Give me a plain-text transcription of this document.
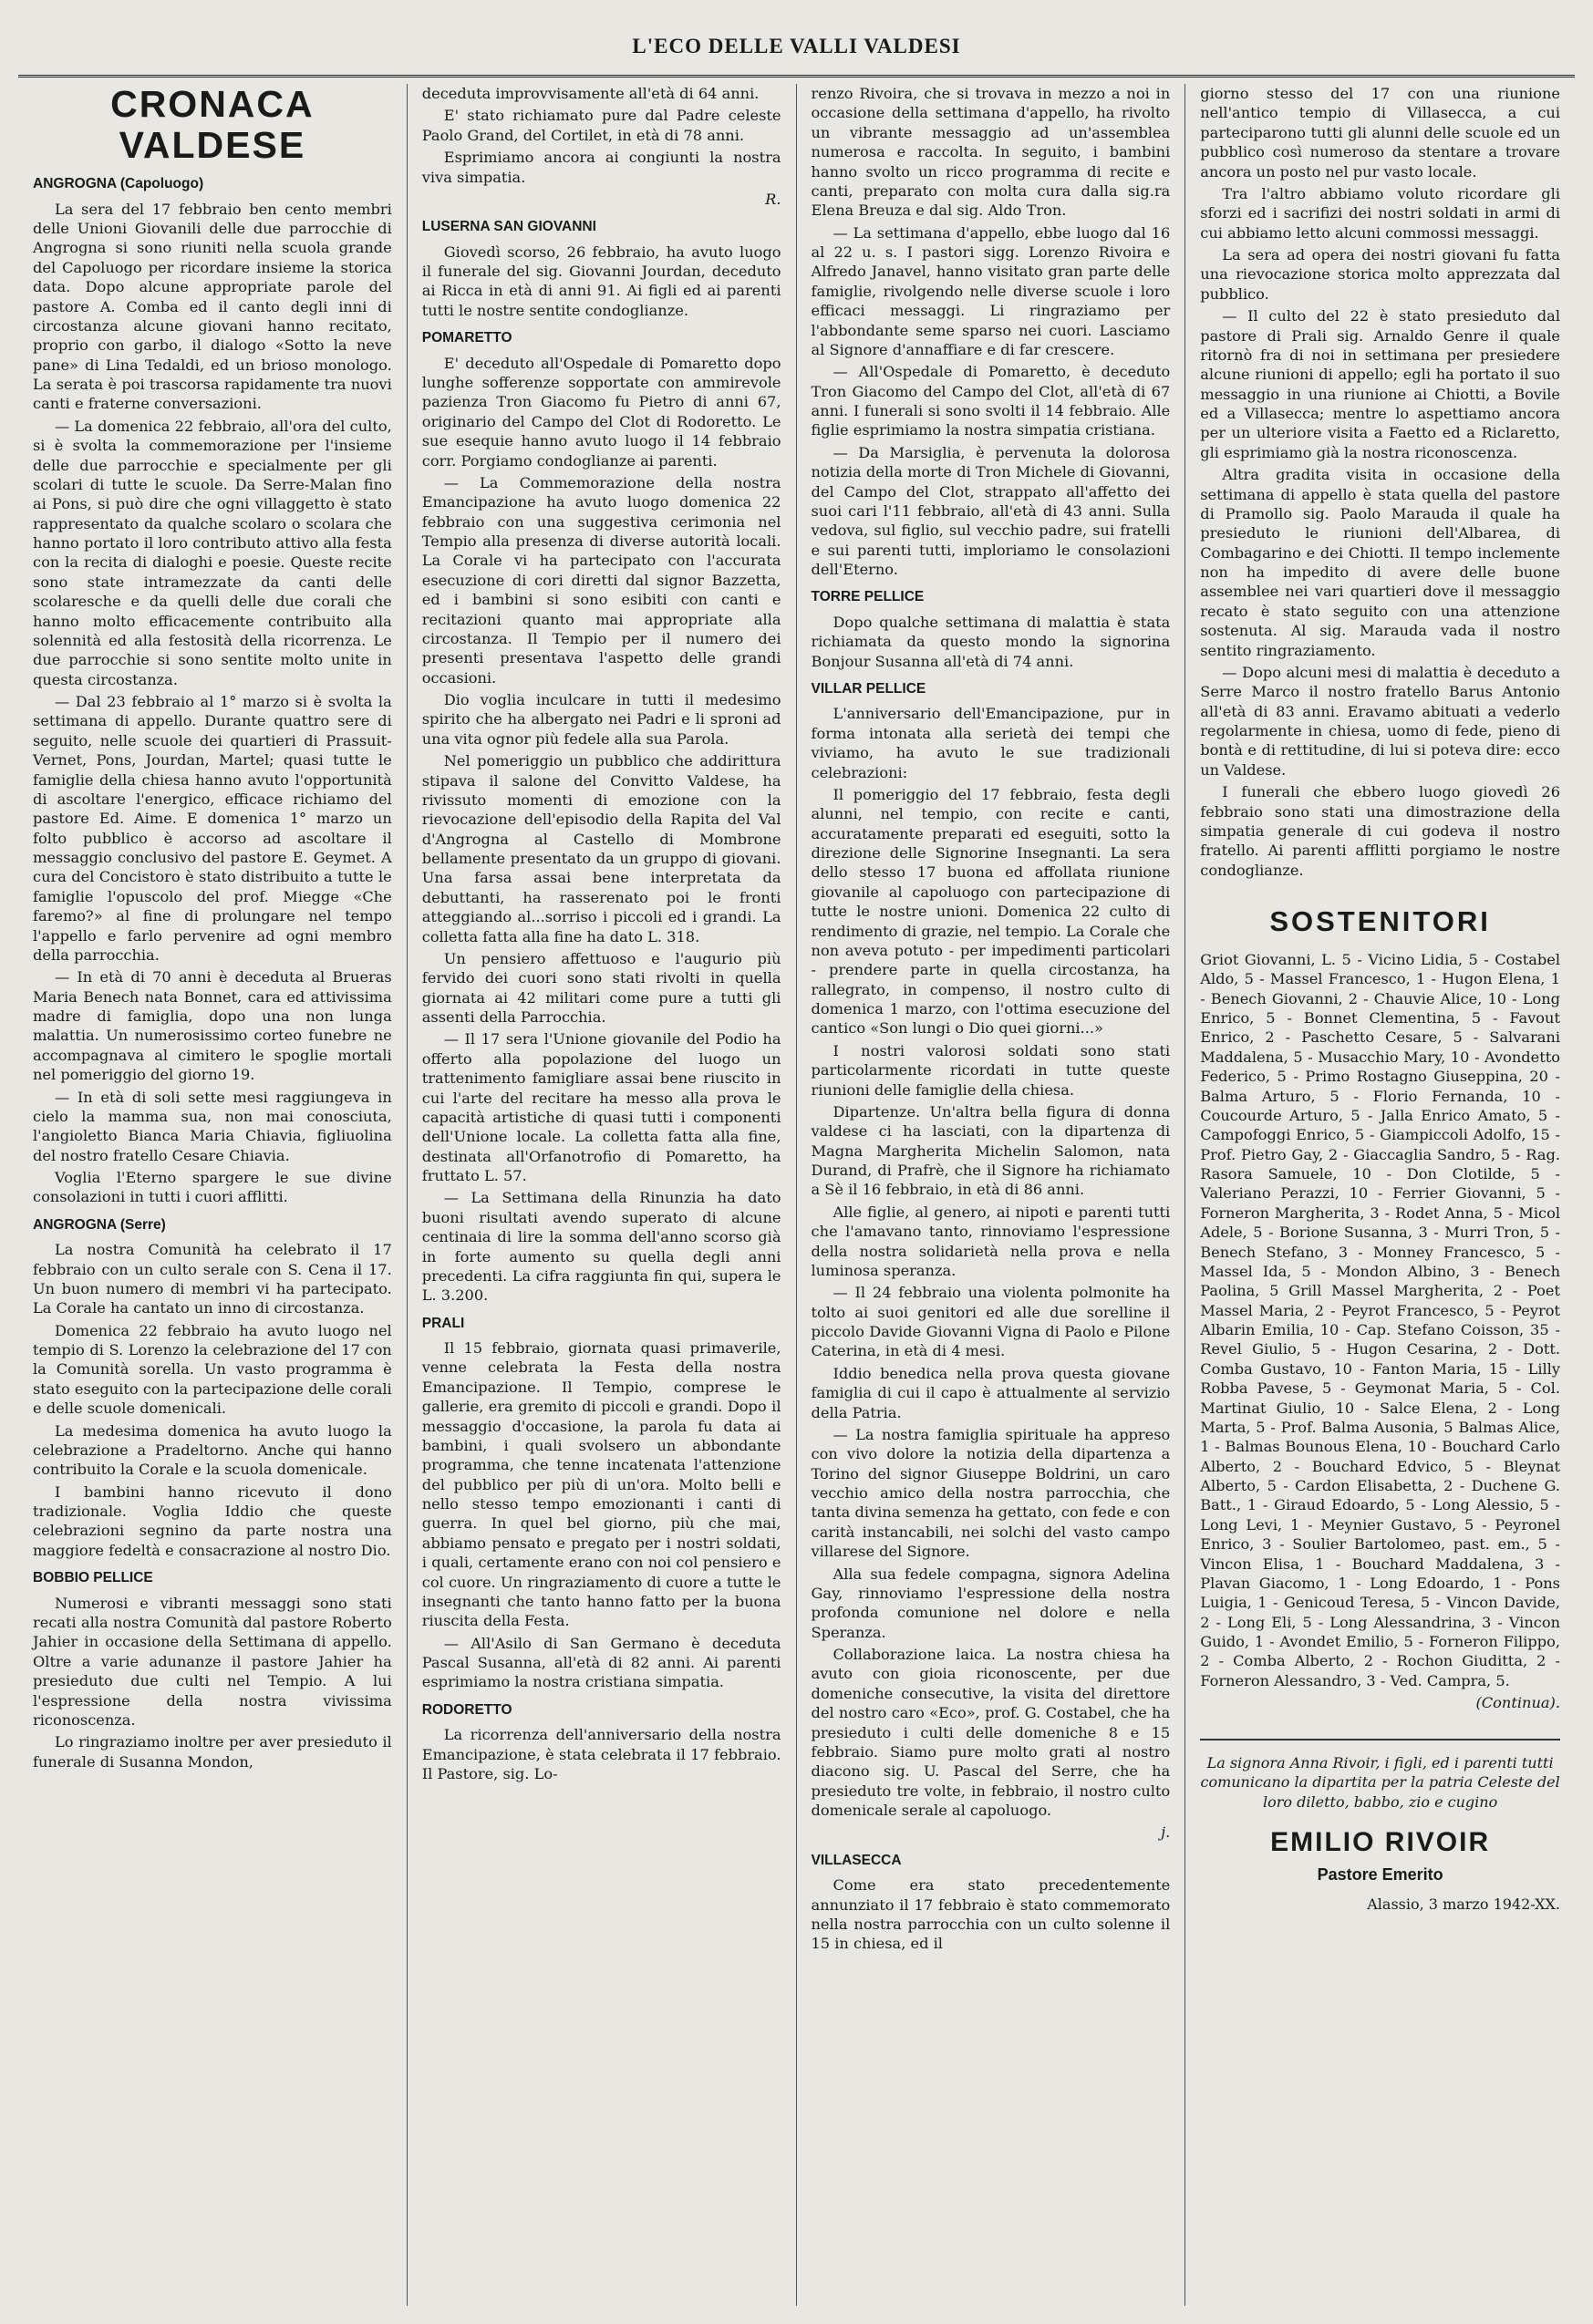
L'ECO DELLE VALLI VALDESI
CRONACA VALDESE
ANGROGNA (Capoluogo)

La sera del 17 febbraio ben cento membri delle Unioni Giovanili delle due parrocchie di Angrogna si sono riuniti nella scuola grande del Capoluogo per ricordare insieme la storica data. Dopo alcune appropriate parole del pastore A. Comba ed il canto degli inni di circostanza alcune giovani hanno recitato, proprio con garbo, il dialogo «Sotto la neve pane» di Lina Tedaldi, ed un brioso monologo. La serata è poi trascorsa rapidamente tra nuovi canti e fraterne conversazioni.

— La domenica 22 febbraio, all'ora del culto, si è svolta la commemorazione per l'insieme delle due parrocchie e specialmente per gli scolari di tutte le scuole. Da Serre-Malan fino ai Pons, si può dire che ogni villaggetto è stato rappresentato da qualche scolaro o scolara che hanno portato il loro contributo attivo alla festa con la recita di dialoghi e poesie. Queste recite sono state intramezzate da canti delle scolaresche e da quelli delle due corali che hanno molto efficacemente contribuito alla solennità ed alla festosità della ricorrenza. Le due parrocchie si sono sentite molto unite in questa circostanza.

— Dal 23 febbraio al 1° marzo si è svolta la settimana di appello. Durante quattro sere di seguito, nelle scuole dei quartieri di Prassuit-Vernet, Pons, Jourdan, Martel; quasi tutte le famiglie della chiesa hanno avuto l'opportunità di ascoltare l'energico, efficace richiamo del pastore Ed. Aime. E domenica 1° marzo un folto pubblico è accorso ad ascoltare il messaggio conclusivo del pastore E. Geymet. A cura del Concistoro è stato distribuito a tutte le famiglie l'opuscolo del prof. Miegge «Che faremo?» al fine di prolungare nel tempo l'appello e farlo pervenire ad ogni membro della parrocchia.

— In età di 70 anni è deceduta al Brueras Maria Benech nata Bonnet, cara ed attivissima madre di famiglia, dopo una non lunga malattia. Un numerosissimo corteo funebre ne accompagnava al cimitero le spoglie mortali nel pomeriggio del giorno 19.

— In età di soli sette mesi raggiungeva in cielo la mamma sua, non mai conosciuta, l'angioletto Bianca Maria Chiavia, figliuolina del nostro fratello Cesare Chiavia.

Voglia l'Eterno spargere le sue divine consolazioni in tutti i cuori afflitti.

ANGROGNA (Serre)

La nostra Comunità ha celebrato il 17 febbraio con un culto serale con S. Cena il 17. Un buon numero di membri vi ha partecipato. La Corale ha cantato un inno di circostanza.

Domenica 22 febbraio ha avuto luogo nel tempio di S. Lorenzo la celebrazione del 17 con la Comunità sorella. Un vasto programma è stato eseguito con la partecipazione delle corali e delle scuole domenicali.

La medesima domenica ha avuto luogo la celebrazione a Pradeltorno. Anche qui hanno contribuito la Corale e la scuola domenicale.

I bambini hanno ricevuto il dono tradizionale. Voglia Iddio che queste celebrazioni segnino da parte nostra una maggiore fedeltà e consacrazione al nostro Dio.

BOBBIO PELLICE

Numerosi e vibranti messaggi sono stati recati alla nostra Comunità dal pastore Roberto Jahier in occasione della Settimana di appello. Oltre a varie adunanze il pastore Jahier ha presieduto due culti nel Tempio. A lui l'espressione della nostra vivissima riconoscenza.

Lo ringraziamo inoltre per aver presieduto il funerale di Susanna Mondon,

deceduta improvvisamente all'età di 64 anni.

E' stato richiamato pure dal Padre celeste Paolo Grand, del Cortilet, in età di 78 anni.

Esprimiamo ancora ai congiunti la nostra viva simpatia.

R.

LUSERNA SAN GIOVANNI

Giovedì scorso, 26 febbraio, ha avuto luogo il funerale del sig. Giovanni Jourdan, deceduto ai Ricca in età di anni 91. Ai figli ed ai parenti tutti le nostre sentite condoglianze.

POMARETTO

E' deceduto all'Ospedale di Pomaretto dopo lunghe sofferenze sopportate con ammirevole pazienza Tron Giacomo fu Pietro di anni 67, originario del Campo del Clot di Rodoretto. Le sue esequie hanno avuto luogo il 14 febbraio corr. Porgiamo condoglianze ai parenti.

— La Commemorazione della nostra Emancipazione ha avuto luogo domenica 22 febbraio con una suggestiva cerimonia nel Tempio alla presenza di diverse autorità locali. La Corale vi ha partecipato con l'accurata esecuzione di cori diretti dal signor Bazzetta, ed i bambini si sono esibiti con canti e recitazioni quanto mai appropriate alla circostanza. Il Tempio per il numero dei presenti presentava l'aspetto delle grandi occasioni.

Dio voglia inculcare in tutti il medesimo spirito che ha albergato nei Padri e li sproni ad una vita ognor più fedele alla sua Parola.

Nel pomeriggio un pubblico che addirittura stipava il salone del Convitto Valdese, ha rivissuto momenti di emozione con la rievocazione dell'episodio della Rapita del Val d'Angrogna al Castello di Mombrone bellamente presentato da un gruppo di giovani. Una farsa assai bene interpretata da debuttanti, ha rasserenato poi le fronti atteggiando al...sorriso i piccoli ed i grandi. La colletta fatta alla fine ha dato L. 318.

Un pensiero affettuoso e l'augurio più fervido dei cuori sono stati rivolti in quella giornata ai 42 militari come pure a tutti gli assenti della Parrocchia.

— Il 17 sera l'Unione giovanile del Podio ha offerto alla popolazione del luogo un trattenimento famigliare assai bene riuscito in cui l'arte del recitare ha messo alla prova le capacità artistiche di quasi tutti i componenti dell'Unione locale. La colletta fatta alla fine, destinata all'Orfanotrofio di Pomaretto, ha fruttato L. 57.

— La Settimana della Rinunzia ha dato buoni risultati avendo superato di alcune centinaia di lire la somma dell'anno scorso già in forte aumento su quella degli anni precedenti. La cifra raggiunta fin qui, supera le L. 3.200.

PRALI

Il 15 febbraio, giornata quasi primaverile, venne celebrata la Festa della nostra Emancipazione. Il Tempio, comprese le gallerie, era gremito di piccoli e grandi. Dopo il messaggio d'occasione, la parola fu data ai bambini, i quali svolsero un abbondante programma, che tenne incatenata l'attenzione del pubblico per più di un'ora. Molto belli e nello stesso tempo emozionanti i canti di guerra. In quel bel giorno, più che mai, abbiamo pensato e pregato per i nostri soldati, i quali, certamente erano con noi col pensiero e col cuore. Un ringraziamento di cuore a tutte le insegnanti che tanto hanno fatto per la buona riuscita della Festa.

— All'Asilo di San Germano è deceduta Pascal Susanna, all'età di 82 anni. Ai parenti esprimiamo la nostra cristiana simpatia.

RODORETTO

La ricorrenza dell'anniversario della nostra Emancipazione, è stata celebrata il 17 febbraio. Il Pastore, sig. Lo-

renzo Rivoira, che si trovava in mezzo a noi in occasione della settimana d'appello, ha rivolto un vibrante messaggio ad un'assemblea numerosa e raccolta. In seguito, i bambini hanno svolto un ricco programma di recite e canti, preparato con molta cura dalla sig.ra Elena Breuza e dal sig. Aldo Tron.

— La settimana d'appello, ebbe luogo dal 16 al 22 u. s. I pastori sigg. Lorenzo Rivoira e Alfredo Janavel, hanno visitato gran parte delle famiglie, rivolgendo nelle diverse scuole i loro efficaci messaggi. Li ringraziamo per l'abbondante seme sparso nei cuori. Lasciamo al Signore d'annaffiare e di far crescere.

— All'Ospedale di Pomaretto, è deceduto Tron Giacomo del Campo del Clot, all'età di 67 anni. I funerali si sono svolti il 14 febbraio. Alle figlie esprimiamo la nostra simpatia cristiana.

— Da Marsiglia, è pervenuta la dolorosa notizia della morte di Tron Michele di Giovanni, del Campo del Clot, strappato all'affetto dei suoi cari l'11 febbraio, all'età di 43 anni. Sulla vedova, sul figlio, sul vecchio padre, sui fratelli e sui parenti tutti, imploriamo le consolazioni dell'Eterno.

TORRE PELLICE

Dopo qualche settimana di malattia è stata richiamata da questo mondo la signorina Bonjour Susanna all'età di 74 anni.

VILLAR PELLICE

L'anniversario dell'Emancipazione, pur in forma intonata alla serietà dei tempi che viviamo, ha avuto le sue tradizionali celebrazioni:

Il pomeriggio del 17 febbraio, festa degli alunni, nel tempio, con recite e canti, accuratamente preparati ed eseguiti, sotto la direzione delle Signorine Insegnanti. La sera dello stesso 17 buona ed affollata riunione giovanile al capoluogo con partecipazione di tutte le nostre unioni. Domenica 22 culto di rendimento di grazie, nel tempio. La Corale che non aveva potuto - per impedimenti particolari - prendere parte in quella circostanza, ha rallegrato, in compenso, il nostro culto di domenica 1 marzo, con l'ottima esecuzione del cantico «Son lungi o Dio quei giorni...»

I nostri valorosi soldati sono stati particolarmente ricordati in tutte queste riunioni delle famiglie della chiesa.

Dipartenze. Un'altra bella figura di donna valdese ci ha lasciati, con la dipartenza di Magna Margherita Michelin Salomon, nata Durand, di Prafrè, che il Signore ha richiamato a Sè il 16 febbraio, in età di 86 anni.

Alle figlie, al genero, ai nipoti e parenti tutti che l'amavano tanto, rinnoviamo l'espressione della nostra solidarietà nella prova e nella luminosa speranza.

— Il 24 febbraio una violenta polmonite ha tolto ai suoi genitori ed alle due sorelline il piccolo Davide Giovanni Vigna di Paolo e Pilone Caterina, in età di 4 mesi.

Iddio benedica nella prova questa giovane famiglia di cui il capo è attualmente al servizio della Patria.

— La nostra famiglia spirituale ha appreso con vivo dolore la notizia della dipartenza a Torino del signor Giuseppe Boldrini, un caro vecchio amico della nostra parrocchia, che tanta divina semenza ha gettato, con fede e con carità instancabili, nei solchi del vasto campo villarese del Signore.

Alla sua fedele compagna, signora Adelina Gay, rinnoviamo l'espressione della nostra profonda comunione nel dolore e nella Speranza.

Collaborazione laica. La nostra chiesa ha avuto con gioia riconoscente, per due domeniche consecutive, la visita del direttore del nostro caro «Eco», prof. G. Costabel, che ha presieduto i culti delle domeniche 8 e 15 febbraio. Siamo pure molto grati al nostro diacono sig. U. Pascal del Serre, che ha presieduto tre volte, in febbraio, il nostro culto domenicale serale al capoluogo.

j.

VILLASECCA

Come era stato precedentemente annunziato il 17 febbraio è stato commemorato nella nostra parrocchia con un culto solenne il 15 in chiesa, ed il

giorno stesso del 17 con una riunione nell'antico tempio di Villasecca, a cui parteciparono tutti gli alunni delle scuole ed un pubblico così numeroso da stentare a trovare ancora un posto nel pur vasto locale.

Tra l'altro abbiamo voluto ricordare gli sforzi ed i sacrifizi dei nostri soldati in armi di cui abbiamo letto alcuni commossi messaggi.

La sera ad opera dei nostri giovani fu fatta una rievocazione storica molto apprezzata dal pubblico.

— Il culto del 22 è stato presieduto dal pastore di Prali sig. Arnaldo Genre il quale ritornò fra di noi in settimana per presiedere alcune riunioni di appello; egli ha portato il suo messaggio in una riunione ai Chiotti, a Bovile ed a Villasecca; mentre lo aspettiamo ancora per un ulteriore visita a Faetto ed a Riclaretto, gli esprimiamo già la nostra riconoscenza.

Altra gradita visita in occasione della settimana di appello è stata quella del pastore di Pramollo sig. Paolo Marauda il quale ha presieduto le riunioni dell'Albarea, di Combagarino e dei Chiotti. Il tempo inclemente non ha impedito di avere delle buone assemblee nei vari quartieri dove il messaggio recato è stato seguito con una attenzione sostenuta. Al sig. Marauda vada il nostro sentito ringraziamento.

— Dopo alcuni mesi di malattia è deceduto a Serre Marco il nostro fratello Barus Antonio all'età di 83 anni. Eravamo abituati a vederlo regolarmente in chiesa, uomo di fede, pieno di bontà e di rettitudine, di lui si poteva dire: ecco un Valdese.

I funerali che ebbero luogo giovedì 26 febbraio sono stati una dimostrazione della simpatia generale di cui godeva il nostro fratello. Ai parenti afflitti porgiamo le nostre condoglianze.

SOSTENITORI

Griot Giovanni, L. 5 - Vicino Lidia, 5 - Costabel Aldo, 5 - Massel Francesco, 1 - Hugon Elena, 1 - Benech Giovanni, 2 - Chauvie Alice, 10 - Long Enrico, 5 - Bonnet Clementina, 5 - Favout Enrico, 2 - Paschetto Cesare, 5 - Salvarani Maddalena, 5 - Musacchio Mary, 10 - Avondetto Federico, 5 - Primo Rostagno Giuseppina, 20 - Balma Arturo, 5 - Florio Fernanda, 10 - Coucourde Arturo, 5 - Jalla Enrico Amato, 5 - Campofoggi Enrico, 5 - Giampiccoli Adolfo, 15 - Prof. Pietro Gay, 2 - Giaccaglia Sandro, 5 - Rag. Rasora Samuele, 10 - Don Clotilde, 5 - Valeriano Perazzi, 10 - Ferrier Giovanni, 5 - Forneron Margherita, 3 - Rodet Anna, 5 - Micol Adele, 5 - Borione Susanna, 3 - Murri Tron, 5 - Benech Stefano, 3 - Monney Francesco, 5 - Massel Ida, 5 - Mondon Albino, 3 - Benech Paolina, 5 Grill Massel Margherita, 2 - Poet Massel Maria, 2 - Peyrot Francesco, 5 - Peyrot Albarin Emilia, 10 - Cap. Stefano Coisson, 35 - Revel Giulio, 5 - Hugon Cesarina, 2 - Dott. Comba Gustavo, 10 - Fanton Maria, 15 - Lilly Robba Pavese, 5 - Geymonat Maria, 5 - Col. Martinat Giulio, 10 - Salce Elena, 2 - Long Marta, 5 - Prof. Balma Ausonia, 5 Balmas Alice, 1 - Balmas Bounous Elena, 10 - Bouchard Carlo Alberto, 2 - Bouchard Edvico, 5 - Bleynat Alberto, 5 - Cardon Elisabetta, 2 - Duchene G. Batt., 1 - Giraud Edoardo, 5 - Long Alessio, 5 - Long Levi, 1 - Meynier Gustavo, 5 - Peyronel Enrico, 3 - Soulier Bartolomeo, past. em., 5 - Vincon Elisa, 1 - Bouchard Maddalena, 3 - Plavan Giacomo, 1 - Long Edoardo, 1 - Pons Luigia, 1 - Genicoud Teresa, 5 - Vincon Davide, 2 - Long Eli, 5 - Long Alessandrina, 3 - Vincon Guido, 1 - Avondet Emilio, 5 - Forneron Filippo, 2 - Comba Alberto, 2 - Rochon Giuditta, 2 - Forneron Alessandro, 3 - Ved. Campra, 5.

(Continua).

La signora Anna Rivoir, i figli, ed i parenti tutti comunicano la dipartita per la patria Celeste del loro diletto, babbo, zio e cugino
EMILIO RIVOIR
Pastore Emerito
Alassio, 3 marzo 1942-XX.
